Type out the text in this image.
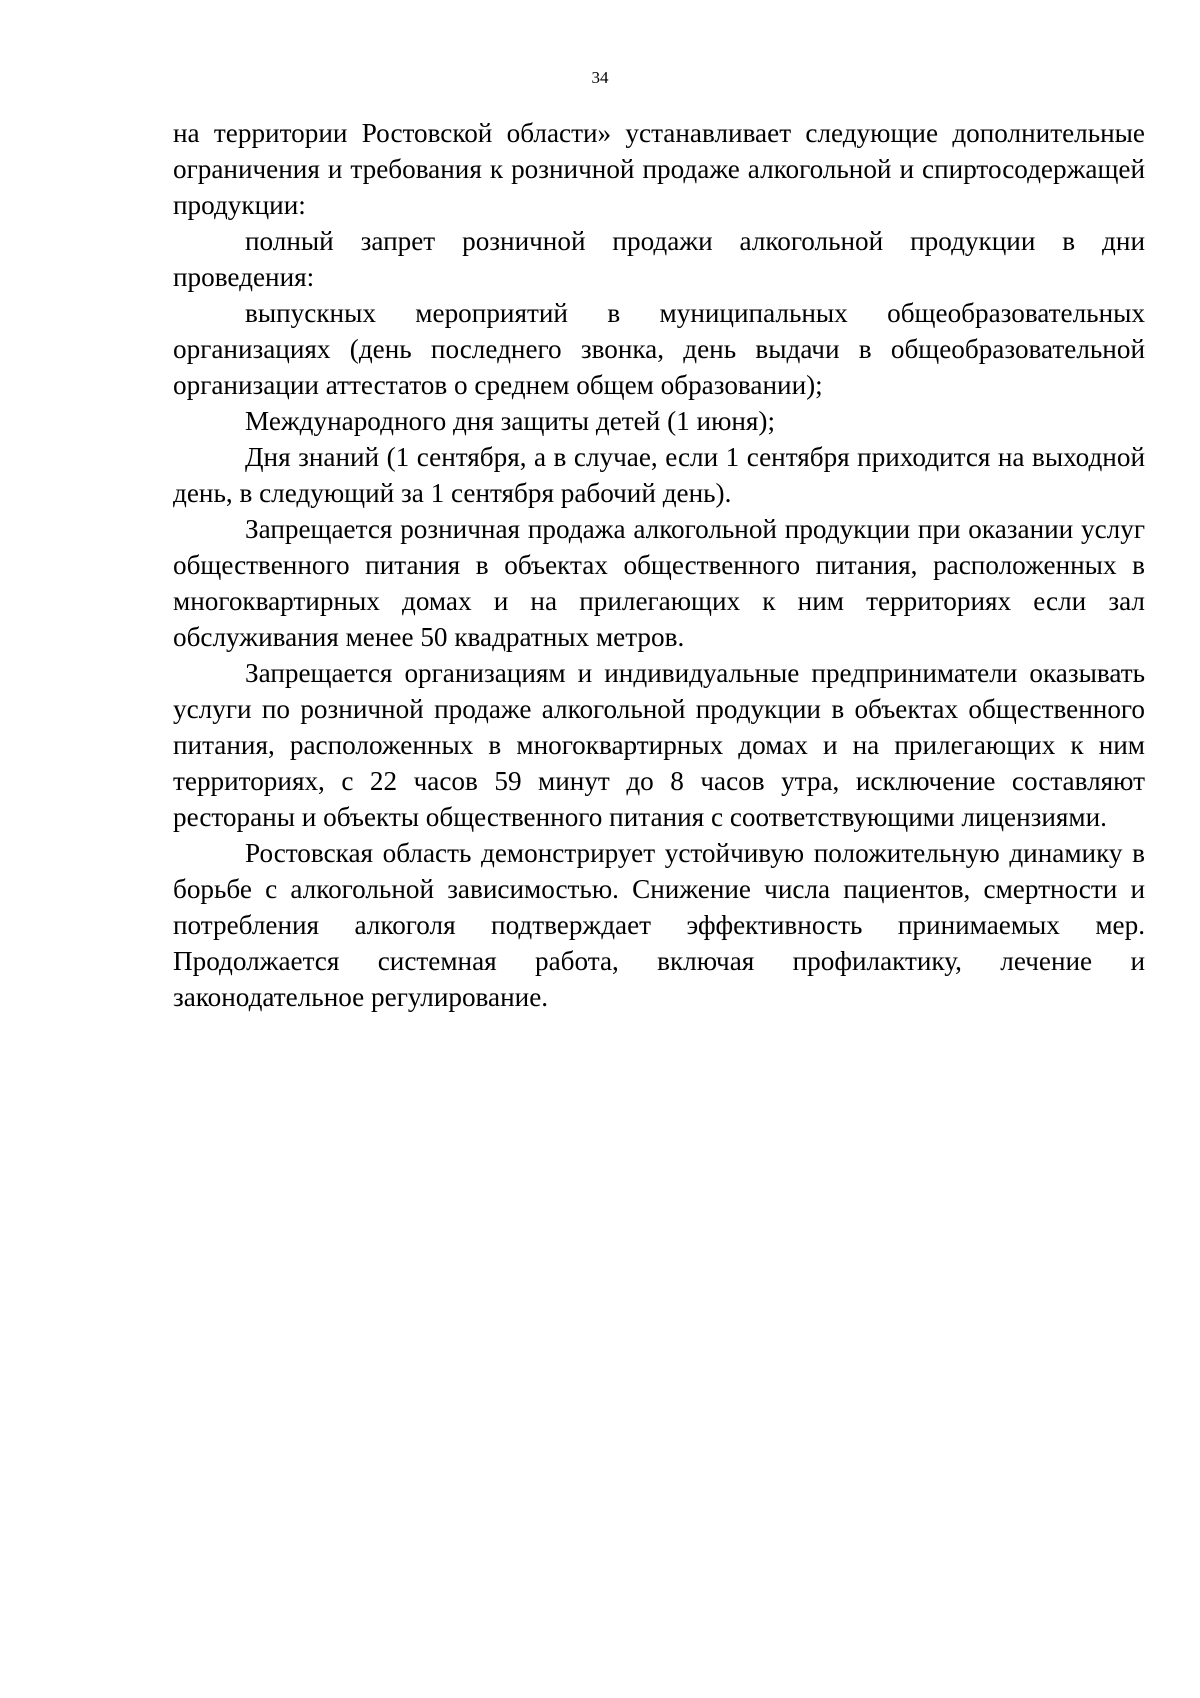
34

на территории Ростовской области» устанавливает следующие дополнительные ограничения и требования к розничной продаже алкогольной и спиртосодержащей продукции:

полный запрет розничной продажи алкогольной продукции в дни проведения:

выпускных мероприятий в муниципальных общеобразовательных организациях (день последнего звонка, день выдачи в общеобразовательной организации аттестатов о среднем общем образовании);

Международного дня защиты детей (1 июня);

Дня знаний (1 сентября, а в случае, если 1 сентября приходится на выходной день, в следующий за 1 сентября рабочий день).

Запрещается розничная продажа алкогольной продукции при оказании услуг общественного питания в объектах общественного питания, расположенных в многоквартирных домах и на прилегающих к ним территориях если зал обслуживания менее 50 квадратных метров.

Запрещается организациям и индивидуальные предприниматели оказывать услуги по розничной продаже алкогольной продукции в объектах общественного питания, расположенных в многоквартирных домах и на прилегающих к ним территориях, с 22 часов 59 минут до 8 часов утра, исключение составляют рестораны и объекты общественного питания с соответствующими лицензиями.

Ростовская область демонстрирует устойчивую положительную динамику в борьбе с алкогольной зависимостью. Снижение числа пациентов, смертности и потребления алкоголя подтверждает эффективность принимаемых мер. Продолжается системная работа, включая профилактику, лечение и законодательное регулирование.
